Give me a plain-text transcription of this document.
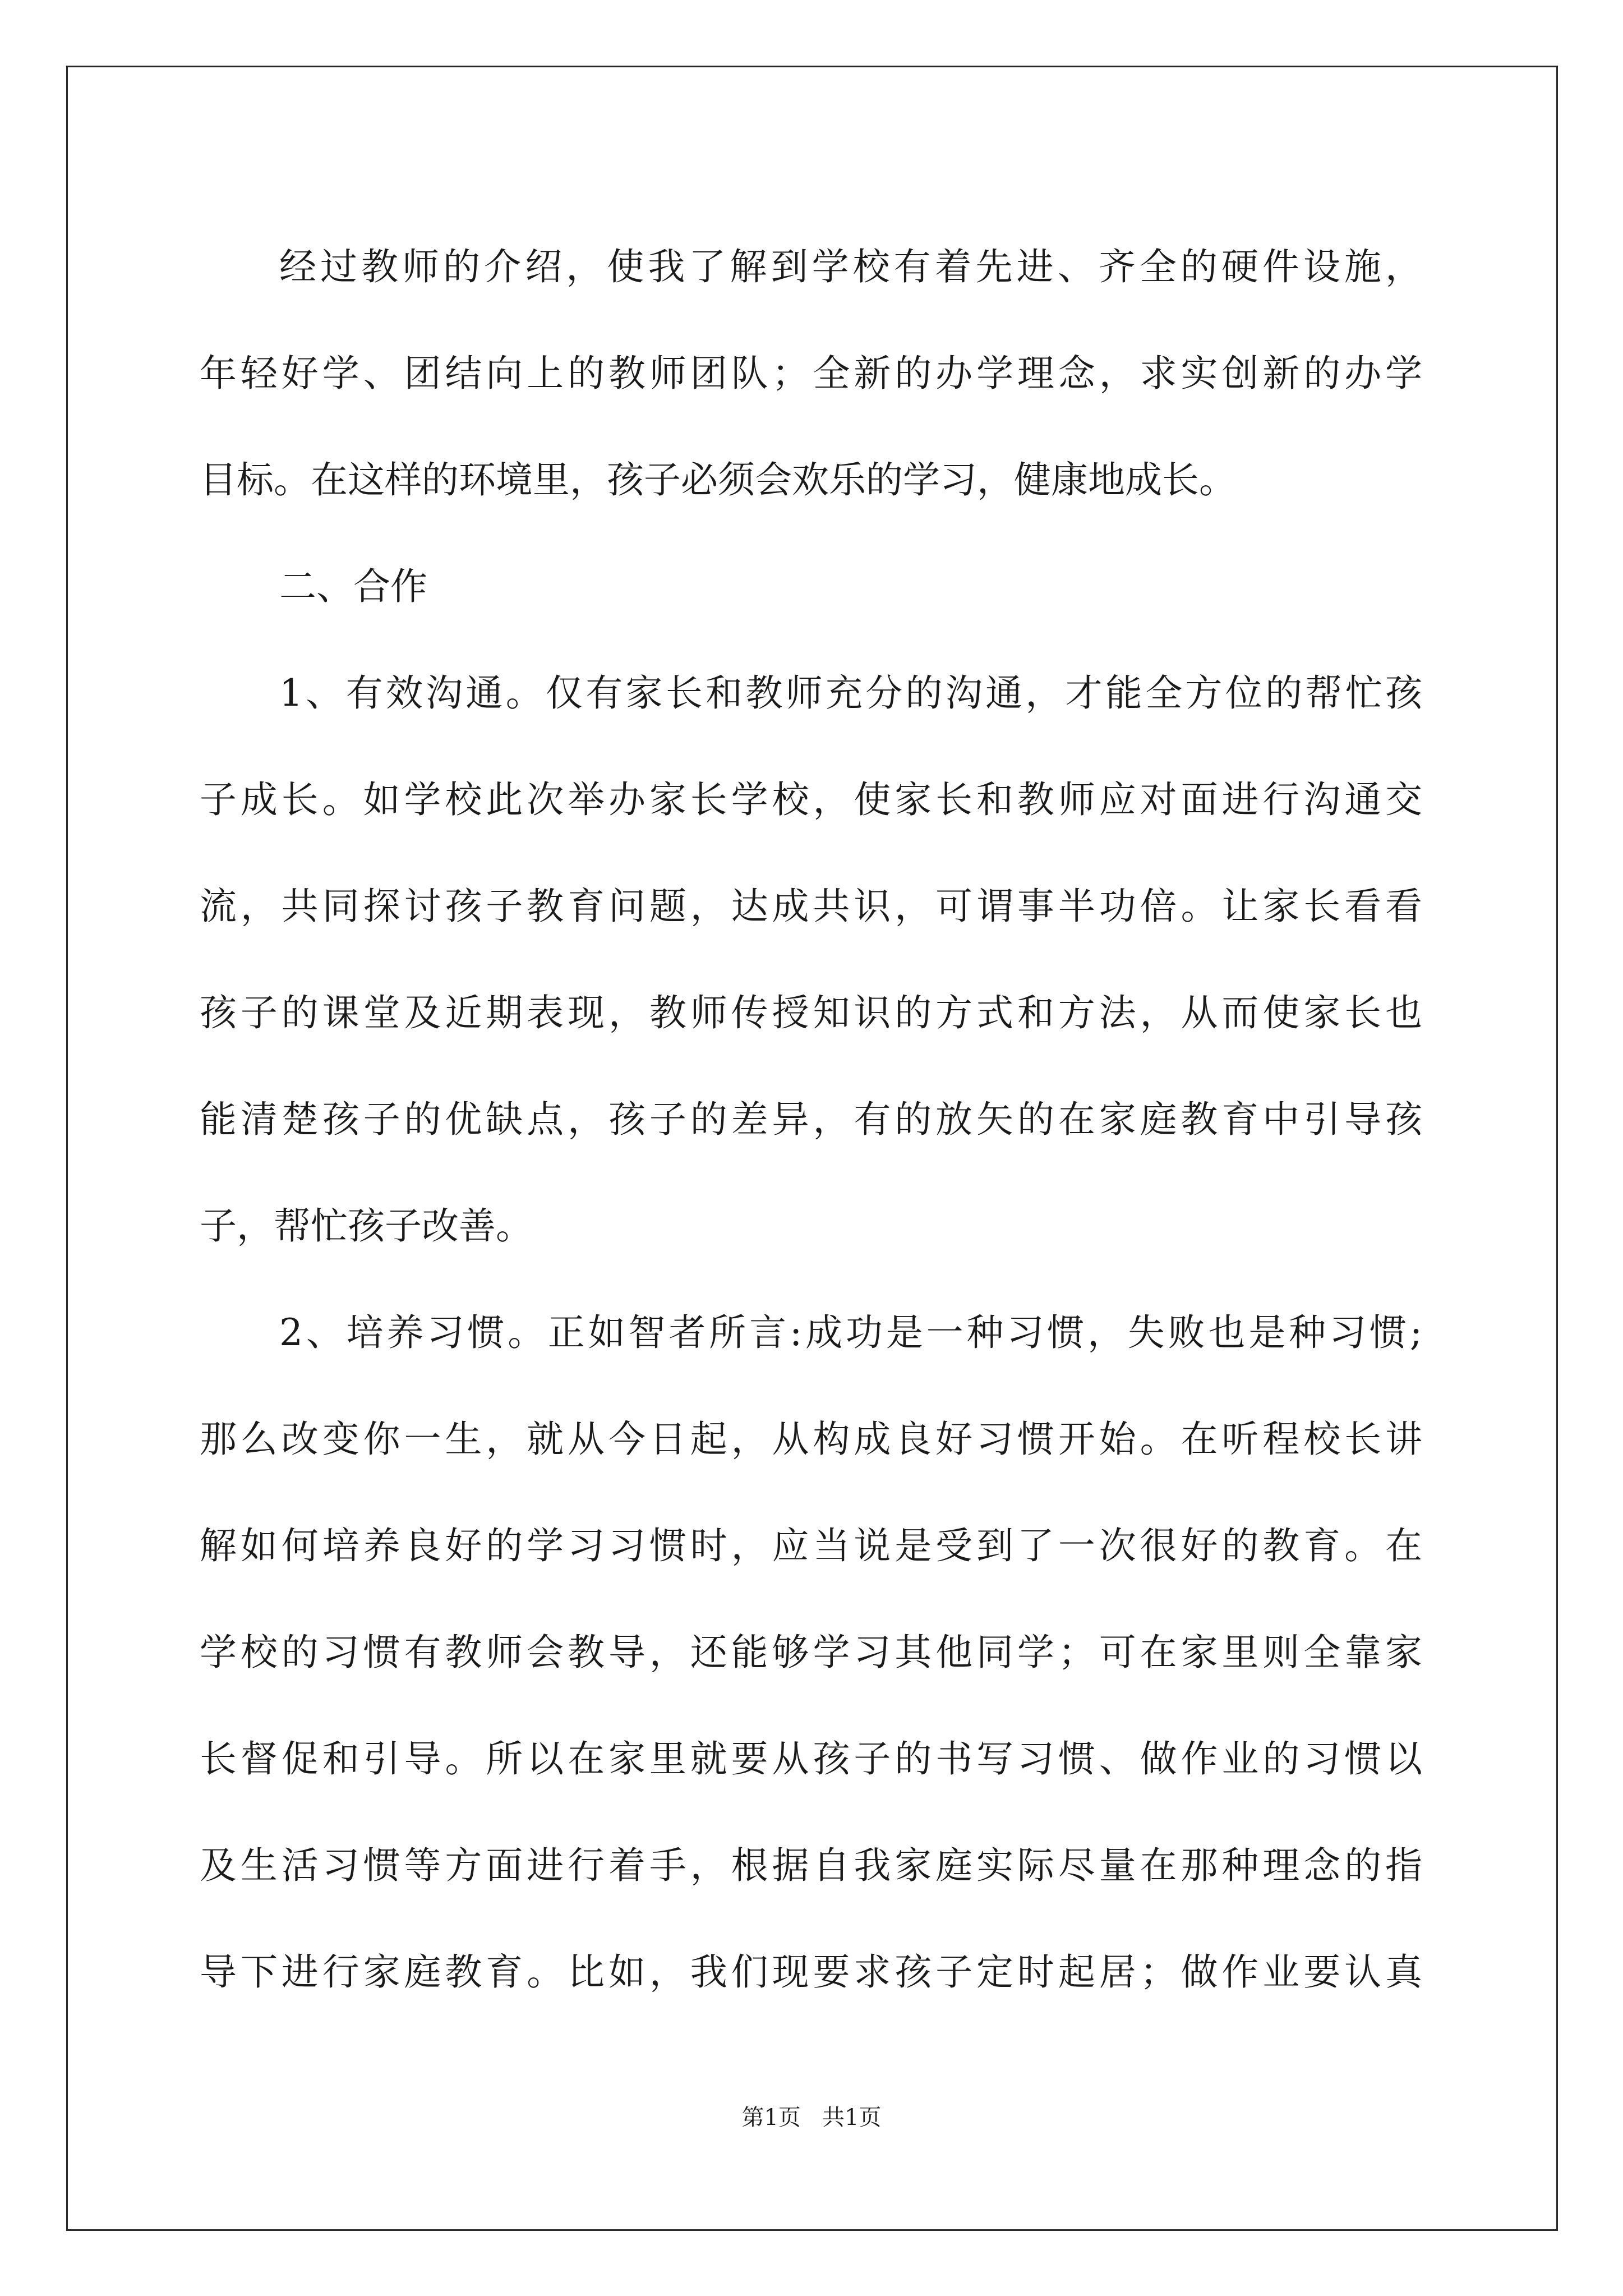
经过教师的介绍，使我了解到学校有着先进、齐全的硬件设施，
年轻好学、团结向上的教师团队；全新的办学理念，求实创新的办学
目标。在这样的环境里，孩子必须会欢乐的学习，健康地成长。
二、合作
1、有效沟通。仅有家长和教师充分的沟通，才能全方位的帮忙孩
子成长。如学校此次举办家长学校，使家长和教师应对面进行沟通交
流，共同探讨孩子教育问题，达成共识，可谓事半功倍。让家长看看
孩子的课堂及近期表现，教师传授知识的方式和方法，从而使家长也
能清楚孩子的优缺点，孩子的差异，有的放矢的在家庭教育中引导孩
子，帮忙孩子改善。
2、培养习惯。正如智者所言:成功是一种习惯，失败也是种习惯;
那么改变你一生，就从今日起，从构成良好习惯开始。在听程校长讲
解如何培养良好的学习习惯时，应当说是受到了一次很好的教育。在
学校的习惯有教师会教导，还能够学习其他同学；可在家里则全靠家
长督促和引导。所以在家里就要从孩子的书写习惯、做作业的习惯以
及生活习惯等方面进行着手，根据自我家庭实际尽量在那种理念的指
导下进行家庭教育。比如，我们现要求孩子定时起居；做作业要认真
第1页   共1页
